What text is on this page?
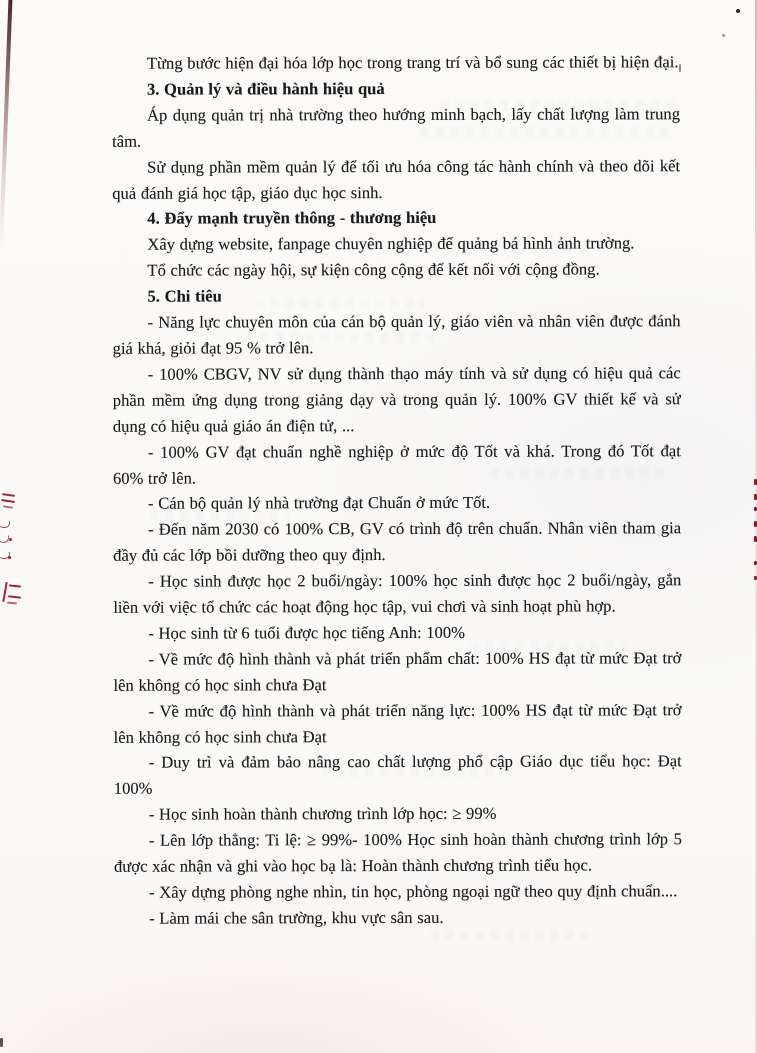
Từng bước hiện đại hóa lớp học trong trang trí và bổ sung các thiết bị hiện đại.

3. Quản lý và điều hành hiệu quả

Áp dụng quản trị nhà trường theo hướng minh bạch, lấy chất lượng làm trung tâm.

Sử dụng phần mềm quản lý để tối ưu hóa công tác hành chính và theo dõi kết quả đánh giá học tập, giáo dục học sinh.

4. Đẩy mạnh truyền thông - thương hiệu

Xây dựng website, fanpage chuyên nghiệp để quảng bá hình ảnh trường.

Tổ chức các ngày hội, sự kiện công cộng để kết nối với cộng đồng.

5. Chi tiêu

- Năng lực chuyên môn của cán bộ quản lý, giáo viên và nhân viên được đánh giá khá, giỏi đạt 95 % trở lên.

- 100% CBGV, NV sử dụng thành thạo máy tính và sử dụng có hiệu quả các phần mềm ứng dụng trong giảng dạy và trong quản lý. 100% GV thiết kế và sử dụng có hiệu quả giáo án điện tử, ...

- 100% GV đạt chuẩn nghề nghiệp ở mức độ Tốt và khá. Trong đó Tốt đạt 60% trở lên.

- Cán bộ quản lý nhà trường đạt Chuẩn ở mức Tốt.

- Đến năm 2030 có 100% CB, GV có trình độ trên chuẩn. Nhân viên tham gia đầy đủ các lớp bồi dưỡng theo quy định.

- Học sinh được học 2 buổi/ngày: 100% học sinh được học 2 buổi/ngày, gắn liền với việc tổ chức các hoạt động học tập, vui chơi và sinh hoạt phù hợp.

- Học sinh từ 6 tuổi được học tiếng Anh: 100%

- Về mức độ hình thành và phát triển phẩm chất: 100% HS đạt từ mức Đạt trở lên không có học sinh chưa Đạt

- Về mức độ hình thành và phát triển năng lực: 100% HS đạt từ mức Đạt trở lên không có học sinh chưa Đạt

- Duy trì và đảm bảo nâng cao chất lượng phổ cập Giáo dục tiểu học: Đạt 100%

- Học sinh hoàn thành chương trình lớp học: ≥ 99%

- Lên lớp thẳng: Ti lệ: ≥ 99%- 100% Học sinh hoàn thành chương trình lớp 5 được xác nhận và ghi vào học bạ là: Hoàn thành chương trình tiểu học.

- Xây dựng phòng nghe nhìn, tin học, phòng ngoại ngữ theo quy định chuẩn....

- Làm mái che sân trường, khu vực sân sau.
